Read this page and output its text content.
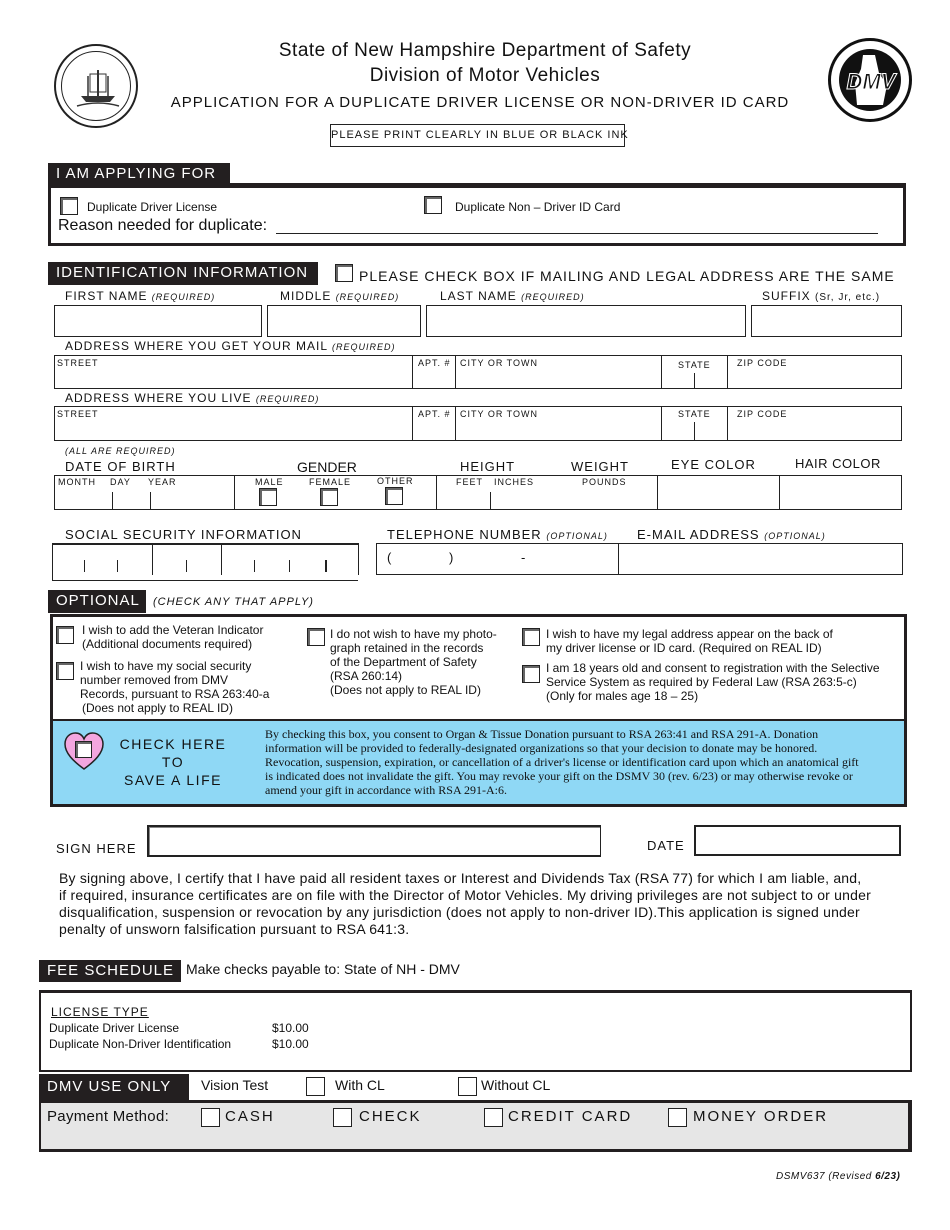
State of New Hampshire Department of Safety
Division of Motor Vehicles
APPLICATION FOR A DUPLICATE DRIVER LICENSE OR NON-DRIVER ID CARD
PLEASE PRINT CLEARLY IN BLUE OR BLACK INK
DMV
I AM APPLYING FOR
Duplicate Driver License	Duplicate Non – Driver ID Card
Reason needed for duplicate:
IDENTIFICATION INFORMATION	PLEASE CHECK BOX IF MAILING AND LEGAL ADDRESS ARE THE SAME
FIRST NAME (REQUIRED)	MIDDLE (REQUIRED)	LAST NAME (REQUIRED)	SUFFIX (Sr, Jr, etc.)
ADDRESS WHERE YOU GET YOUR MAIL (REQUIRED)
STREET	APT. # CITY OR TOWN	STATE	ZIP CODE
ADDRESS WHERE YOU LIVE (REQUIRED)
STREET	APT. # CITY OR TOWN	STATE	ZIP CODE
(ALL ARE REQUIRED)
DATE OF BIRTH	GENDER	HEIGHT	WEIGHT	EYE COLOR	HAIR COLOR
MONTH DAY YEAR	MALE	FEMALE	OTHER	FEET INCHES	POUNDS
SOCIAL SECURITY INFORMATION	TELEPHONE NUMBER (OPTIONAL) E-MAIL ADDRESS (OPTIONAL)
(	)	-
OPTIONAL	(CHECK ANY THAT APPLY)
I wish to add the Veteran Indicator
(Additional documents required)
I wish to have my social security
number removed from DMV
Records, pursuant to RSA 263:40-a
(Does not apply to REAL ID)
I do not wish to have my photo-
graph retained in the records
of the Department of Safety
(RSA 260:14)
(Does not apply to REAL ID)
I wish to have my legal address appear on the back of
my driver license or ID card. (Required on REAL ID)
I am 18 years old and consent to registration with the Selective
Service System as required by Federal Law (RSA 263:5-c)
(Only for males age 18 – 25)
CHECK HERE TO
SAVE A LIFE
By checking this box, you consent to Organ & Tissue Donation pursuant to RSA 263:41 and RSA 291-A. Donation
information will be provided to federally-designated organizations so that your decision to donate may be honored.
Revocation, suspension, expiration, or cancellation of a driver's license or identification card upon which an anatomical gift
is indicated does not invalidate the gift. You may revoke your gift on the DSMV 30 (rev. 6/23) or may otherwise revoke or
amend your gift in accordance with RSA 291-A:6.
SIGN HERE	DATE
By signing above, I certify that I have paid all resident taxes or Interest and Dividends Tax (RSA 77) for which I am liable, and,
if required, insurance certificates are on file with the Director of Motor Vehicles. My driving privileges are not subject to or under
disqualification, suspension or revocation by any jurisdiction (does not apply to non-driver ID).This application is signed under
penalty of unsworn falsification pursuant to RSA 641:3.
FEE SCHEDULE Make checks payable to: State of NH - DMV
LICENSE TYPE
Duplicate Driver License	$10.00
Duplicate Non-Driver Identification	$10.00
DMV USE ONLY	Vision Test	With CL	Without CL
Payment Method:	CASH	CHECK	CREDIT CARD	MONEY ORDER
DSMV637 (Revised 6/23)
